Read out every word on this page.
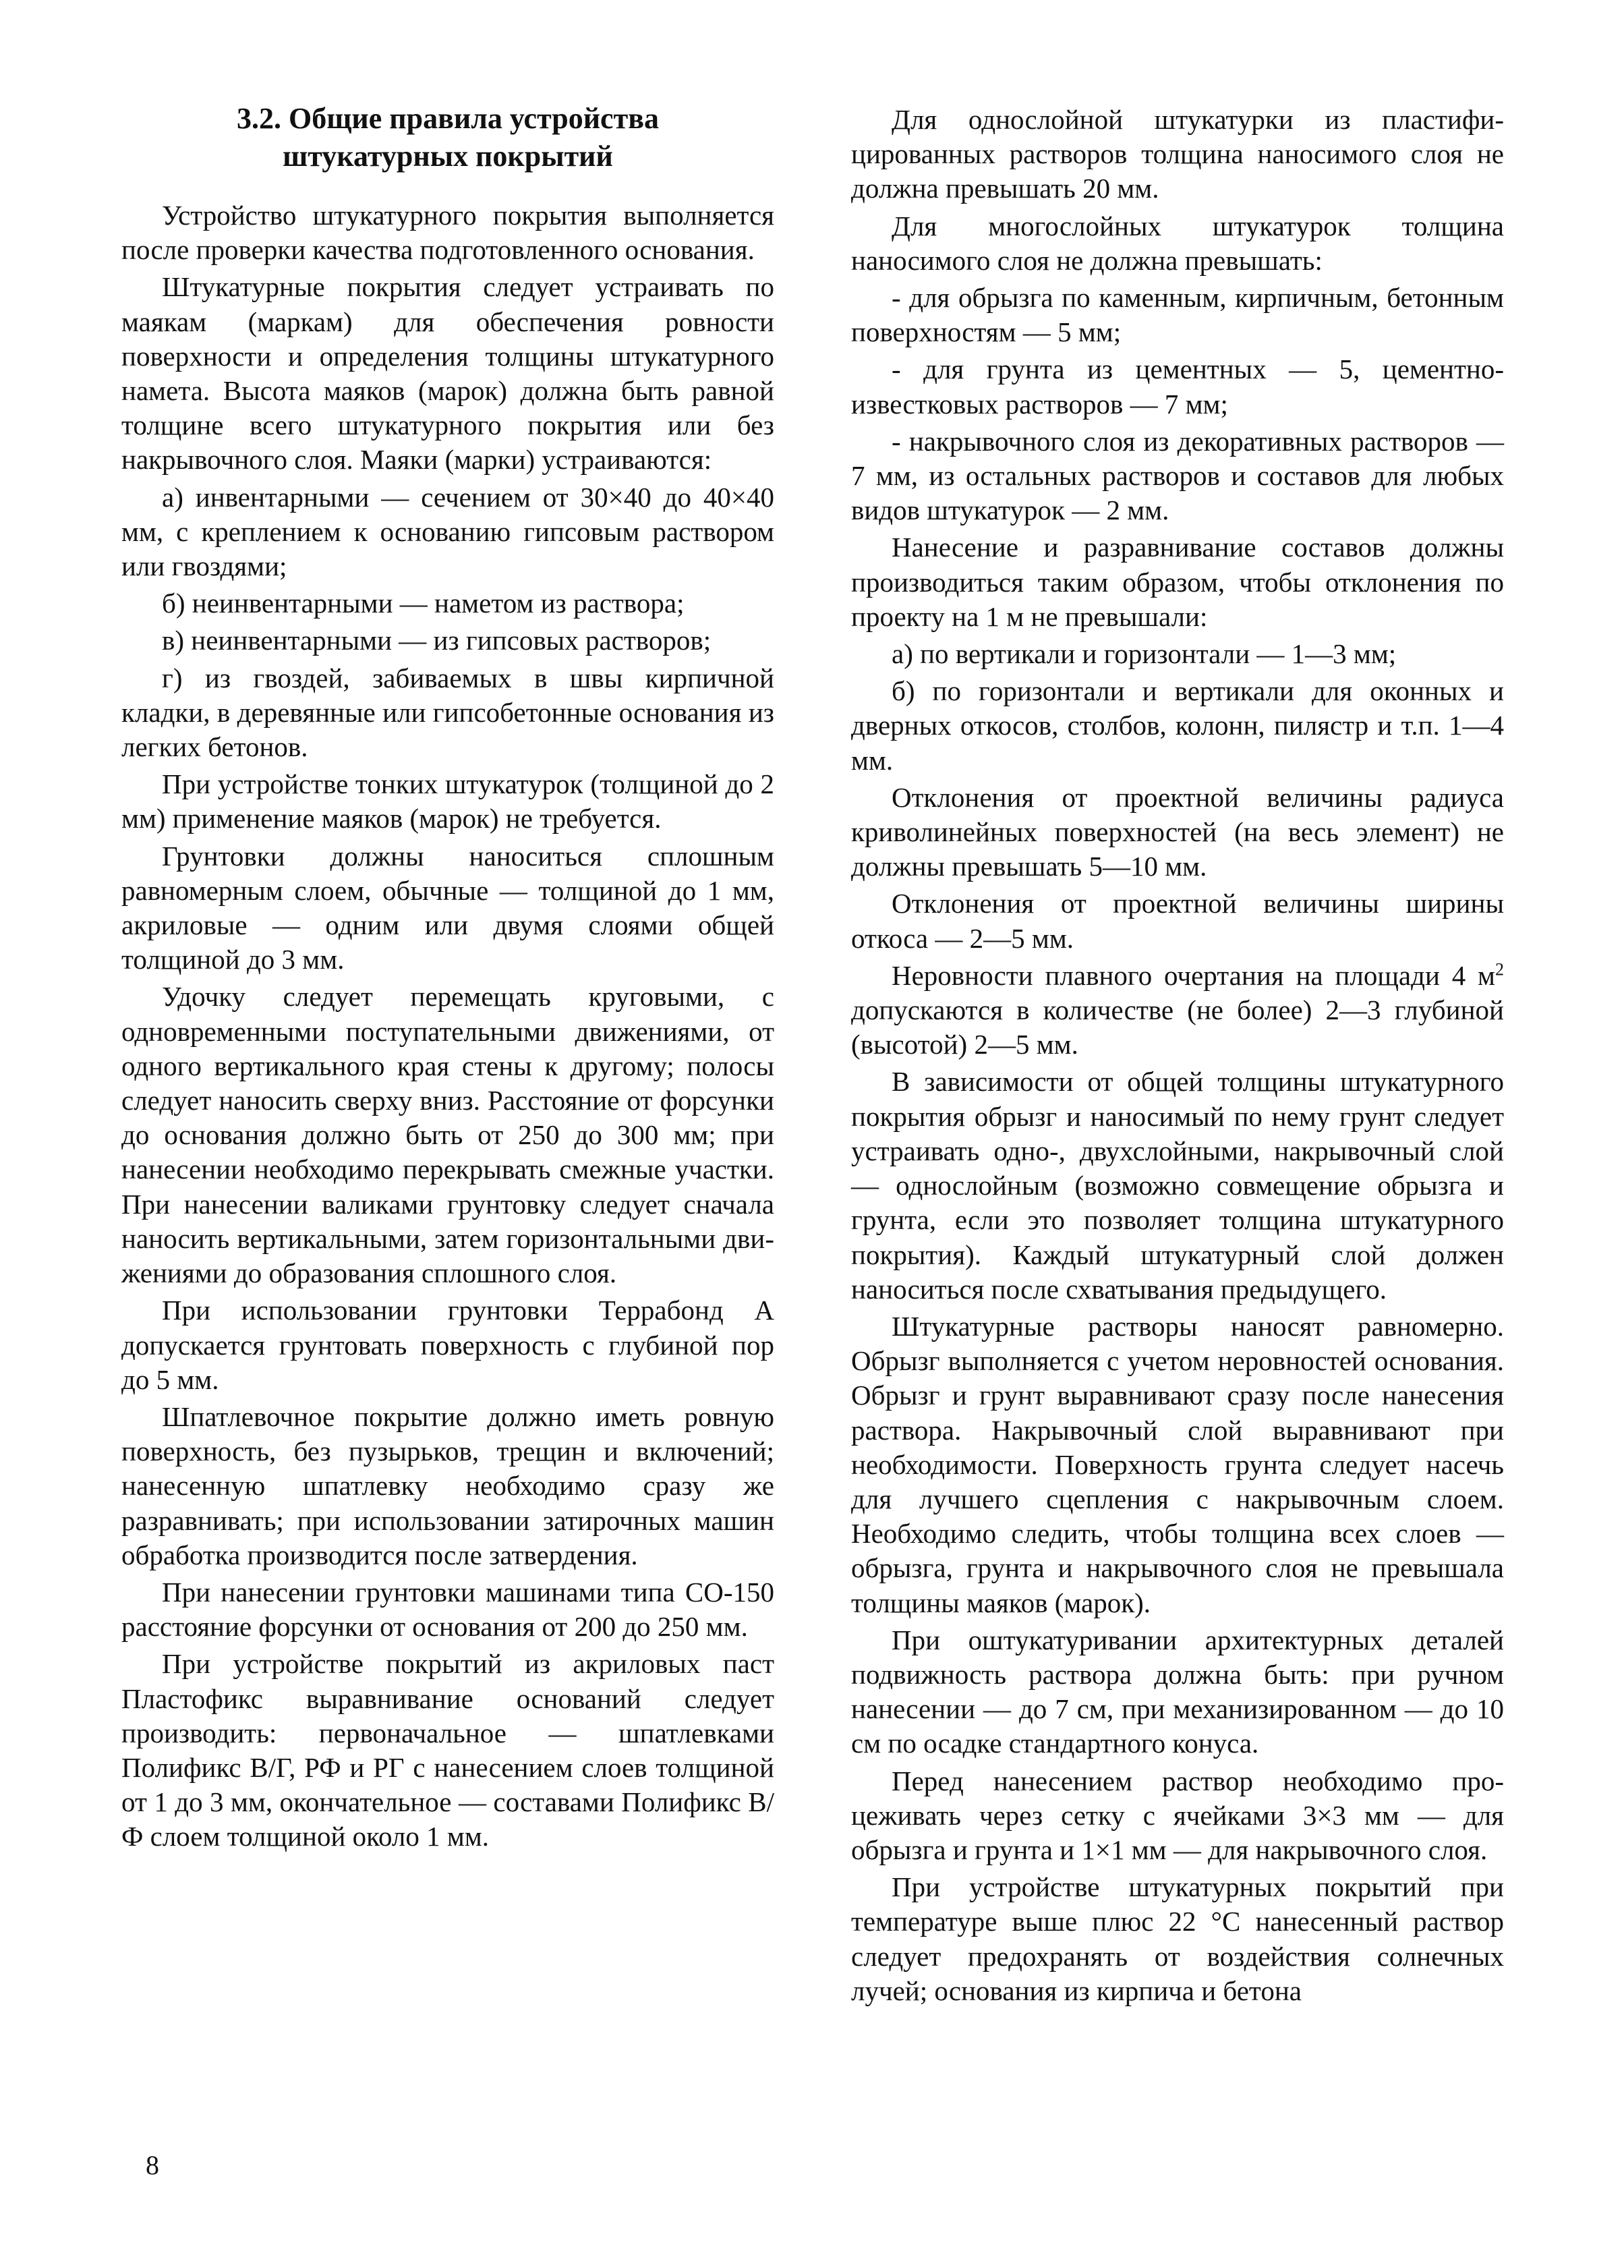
3.2. Общие правила устройства
штукатурных покрытий

Устройство штукатурного покрытия выполняется после проверки качества подготовленного основания.

Штукатурные покрытия следует устраивать по маякам (маркам) для обеспечения ровности поверхности и определения толщины штукатурного намета. Высота маяков (марок) должна быть равной толщине всего штукатурного покрытия или без накрывочного слоя. Маяки (марки) устраиваются:

а) инвентарными — сечением от 30×40 до 40×40 мм, с креплением к основанию гипсовым раствором или гвоздями;

б) неинвентарными — наметом из раствора;

в) неинвентарными — из гипсовых растворов;

г) из гвоздей, забиваемых в швы кирпичной кладки, в деревянные или гипсобетонные основания из легких бетонов.

При устройстве тонких штукатурок (толщиной до 2 мм) применение маяков (марок) не требуется.

Грунтовки должны наноситься сплошным равномерным слоем, обычные — толщиной до 1 мм, акриловые — одним или двумя слоями общей толщиной до 3 мм.

Удочку следует перемещать круговыми, с одновременными поступательными движениями, от одного вертикального края стены к другому; полосы следует наносить сверху вниз. Расстояние от форсунки до основания должно быть от 250 до 300 мм; при нанесении необходимо перекрывать смежные участки. При нанесении валиками грунтовку следует сначала наносить вертикальными, затем горизонтальными движениями до образования сплошного слоя.

При использовании грунтовки Террабонд А допускается грунтовать поверхность с глубиной пор до 5 мм.

Шпатлевочное покрытие должно иметь ровную поверхность, без пузырьков, трещин и включений; нанесенную шпатлевку необходимо сразу же разравнивать; при использовании затирочных машин обработка производится после затвердения.

При нанесении грунтовки машинами типа СО-150 расстояние форсунки от основания от 200 до 250 мм.

При устройстве покрытий из акриловых паст Пластофикс выравнивание оснований следует производить: первоначальное — шпатлевками Полификс В/Г, РФ и РГ с нанесением слоев толщиной от 1 до 3 мм, окончательное — составами Полификс В/Ф слоем толщиной около 1 мм.

Для однослойной штукатурки из пластифицированных растворов толщина наносимого слоя не должна превышать 20 мм.

Для многослойных штукатурок толщина наносимого слоя не должна превышать:

- для обрызга по каменным, кирпичным, бетонным поверхностям — 5 мм;

- для грунта из цементных — 5, цементно-известковых растворов — 7 мм;

- накрывочного слоя из декоративных растворов — 7 мм, из остальных растворов и составов для любых видов штукатурок — 2 мм.

Нанесение и разравнивание составов должны производиться таким образом, чтобы отклонения по проекту на 1 м не превышали:

а) по вертикали и горизонтали — 1—3 мм;

б) по горизонтали и вертикали для оконных и дверных откосов, столбов, колонн, пилястр и т.п. 1—4 мм.

Отклонения от проектной величины радиуса криволинейных поверхностей (на весь элемент) не должны превышать 5—10 мм.

Отклонения от проектной величины ширины откоса — 2—5 мм.

Неровности плавного очертания на площади 4 $м^2$ допускаются в количестве (не более) 2—3 глубиной (высотой) 2—5 мм.

В зависимости от общей толщины штукатурного покрытия обрызг и наносимый по нему грунт следует устраивать одно-, двухслойными, накрывочный слой — однослойным (возможно совмещение обрызга и грунта, если это позволяет толщина штукатурного покрытия). Каждый штукатурный слой должен наноситься после схватывания предыдущего.

Штукатурные растворы наносят равномерно. Обрызг выполняется с учетом неровностей основания. Обрызг и грунт выравнивают сразу после нанесения раствора. Накрывочный слой выравнивают при необходимости. Поверхность грунта следует насечь для лучшего сцепления с накрывочным слоем. Необходимо следить, чтобы толщина всех слоев — обрызга, грунта и накрывочного слоя не превышала толщины маяков (марок).

При оштукатуривании архитектурных деталей подвижность раствора должна быть: при ручном нанесении — до 7 см, при механизированном — до 10 см по осадке стандартного конуса.

Перед нанесением раствор необходимо процеживать через сетку с ячейками 3×3 мм — для обрызга и грунта и 1×1 мм — для накрывочного слоя.

При устройстве штукатурных покрытий при температуре выше плюс 22 °С нанесенный раствор следует предохранять от воздействия солнечных лучей; основания из кирпича и бетона

8
